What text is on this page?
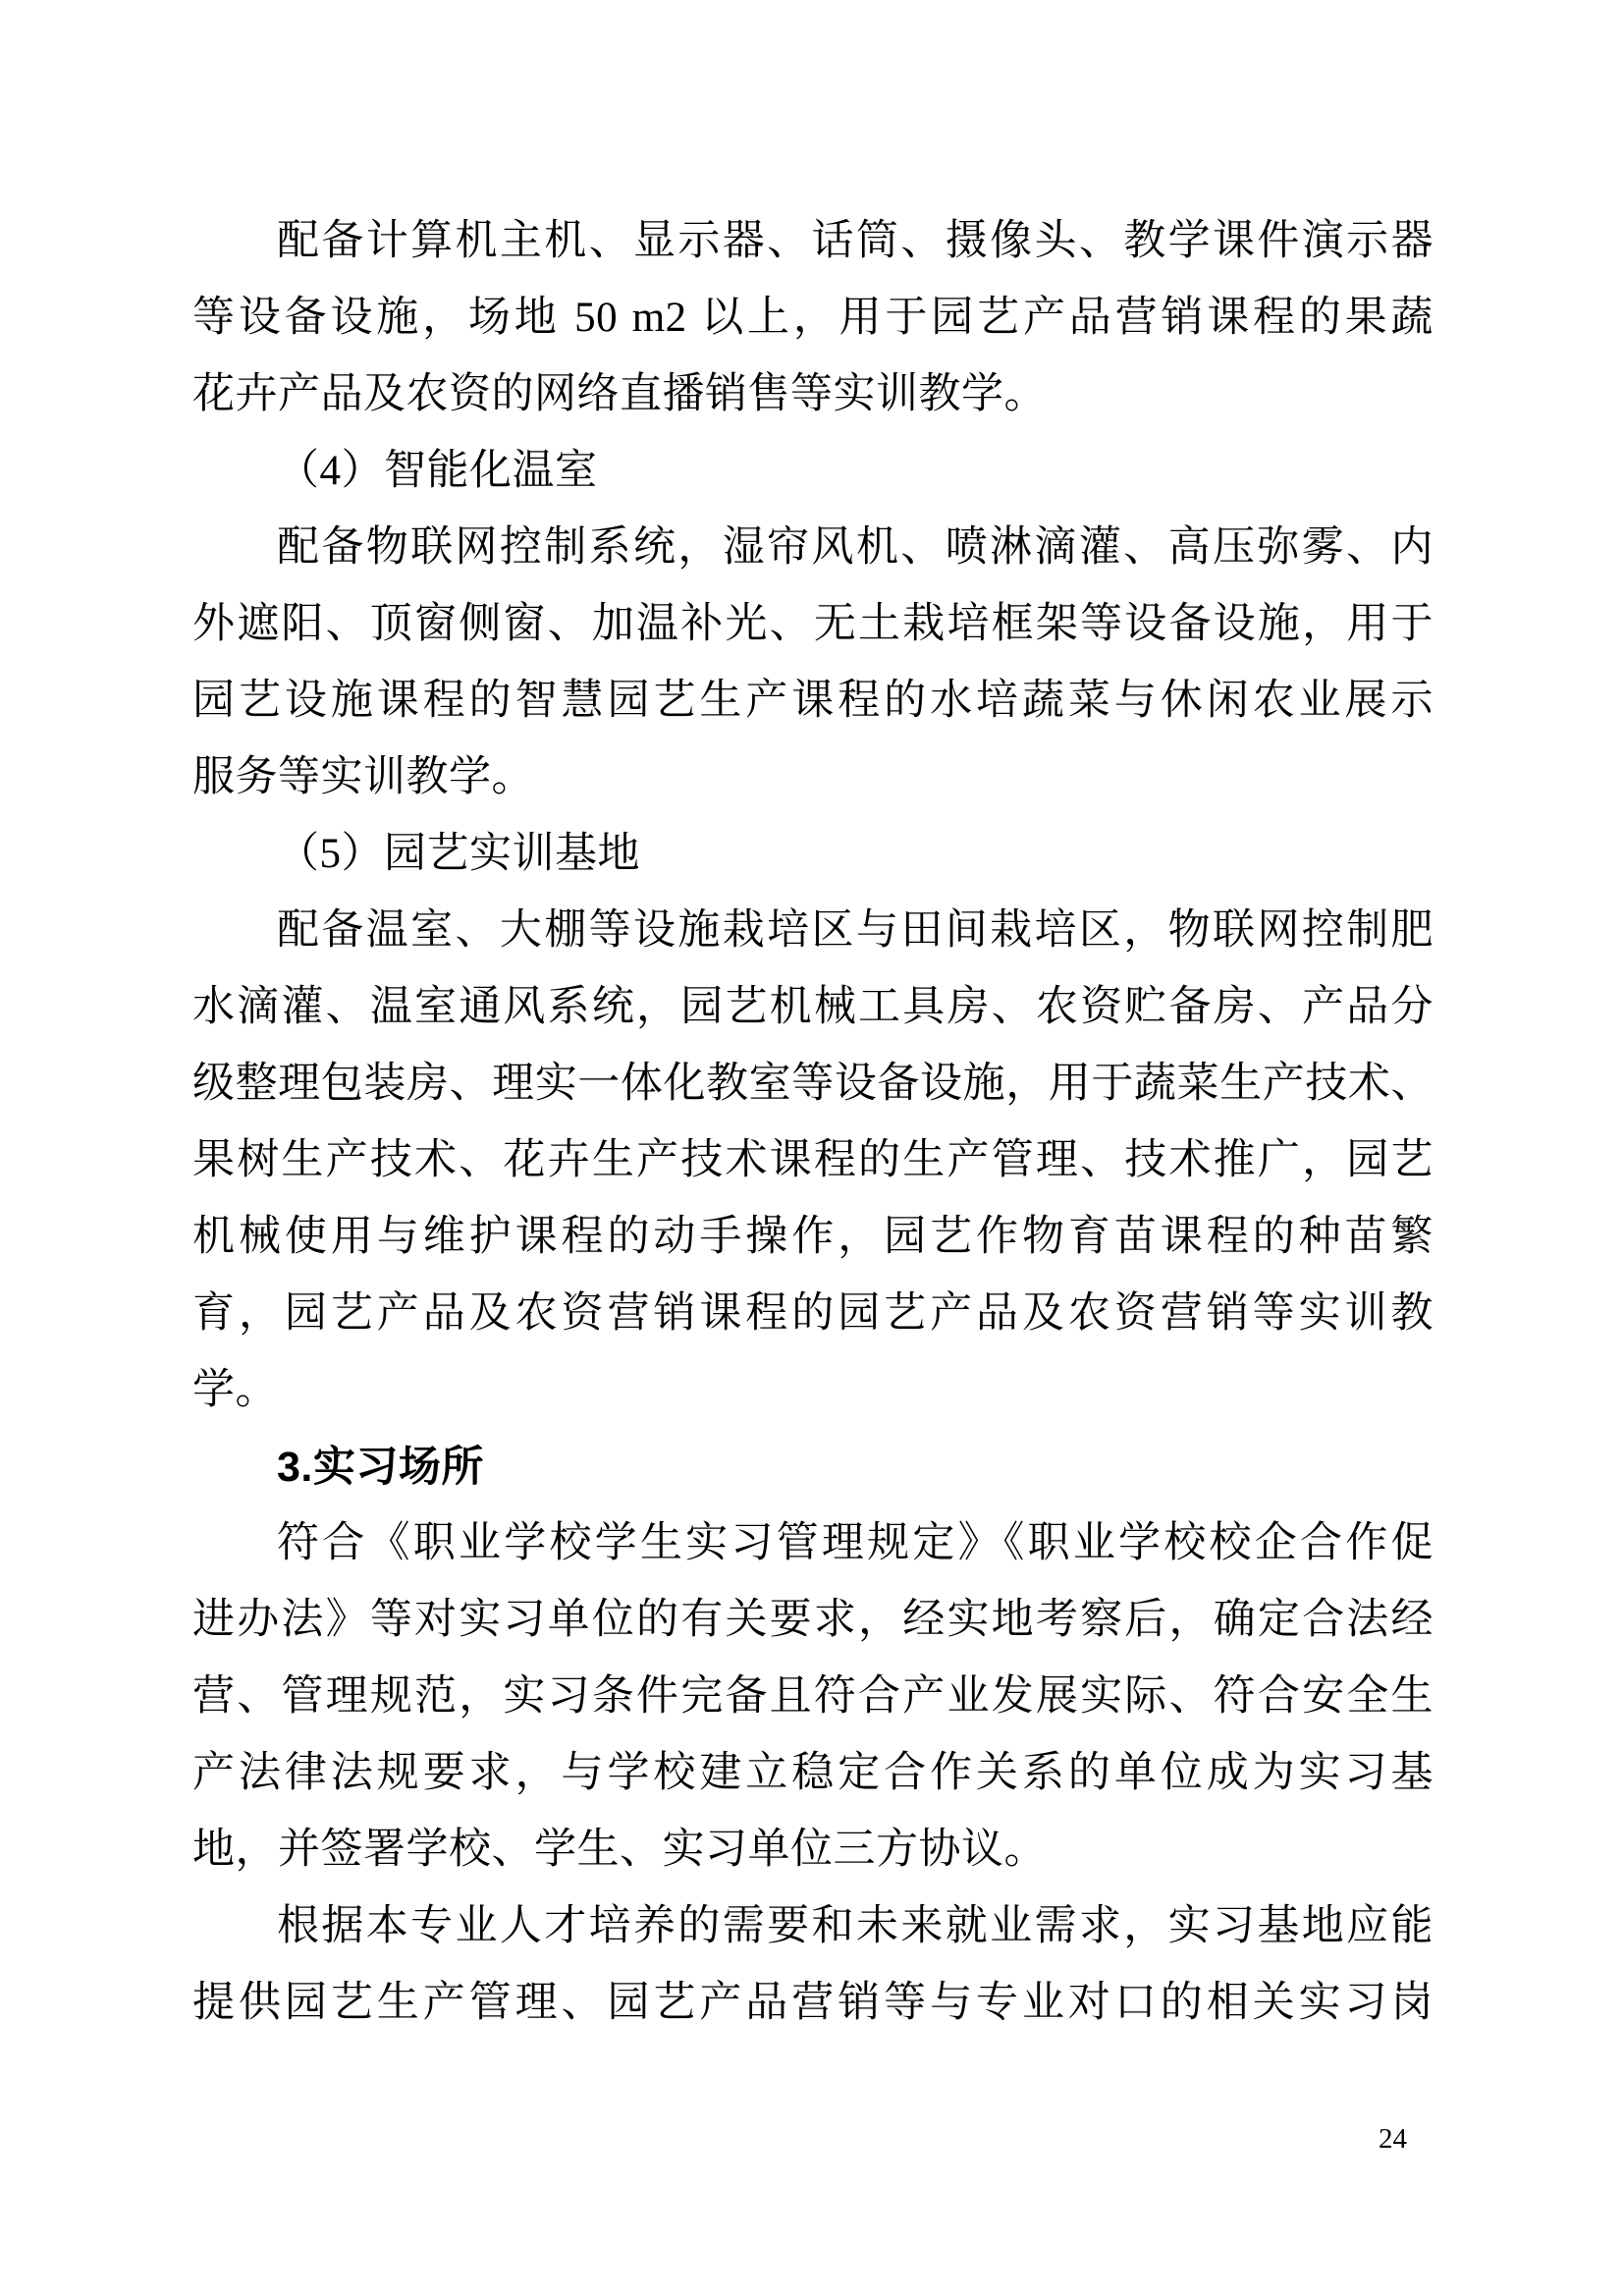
配备计算机主机、显示器、话筒、摄像头、教学课件演示器
等设备设施，场地 50 m2 以上，用于园艺产品营销课程的果蔬
花卉产品及农资的网络直播销售等实训教学。
（4）智能化温室
配备物联网控制系统，湿帘风机、喷淋滴灌、高压弥雾、内
外遮阳、顶窗侧窗、加温补光、无土栽培框架等设备设施，用于
园艺设施课程的智慧园艺生产课程的水培蔬菜与休闲农业展示
服务等实训教学。
（5）园艺实训基地
配备温室、大棚等设施栽培区与田间栽培区，物联网控制肥
水滴灌、温室通风系统，园艺机械工具房、农资贮备房、产品分
级整理包装房、理实一体化教室等设备设施，用于蔬菜生产技术、
果树生产技术、花卉生产技术课程的生产管理、技术推广，园艺
机械使用与维护课程的动手操作，园艺作物育苗课程的种苗繁
育，园艺产品及农资营销课程的园艺产品及农资营销等实训教
学。
3.实习场所
符合《职业学校学生实习管理规定》《职业学校校企合作促
进办法》等对实习单位的有关要求，经实地考察后，确定合法经
营、管理规范，实习条件完备且符合产业发展实际、符合安全生
产法律法规要求，与学校建立稳定合作关系的单位成为实习基
地，并签署学校、学生、实习单位三方协议。
根据本专业人才培养的需要和未来就业需求，实习基地应能
提供园艺生产管理、园艺产品营销等与专业对口的相关实习岗
24
